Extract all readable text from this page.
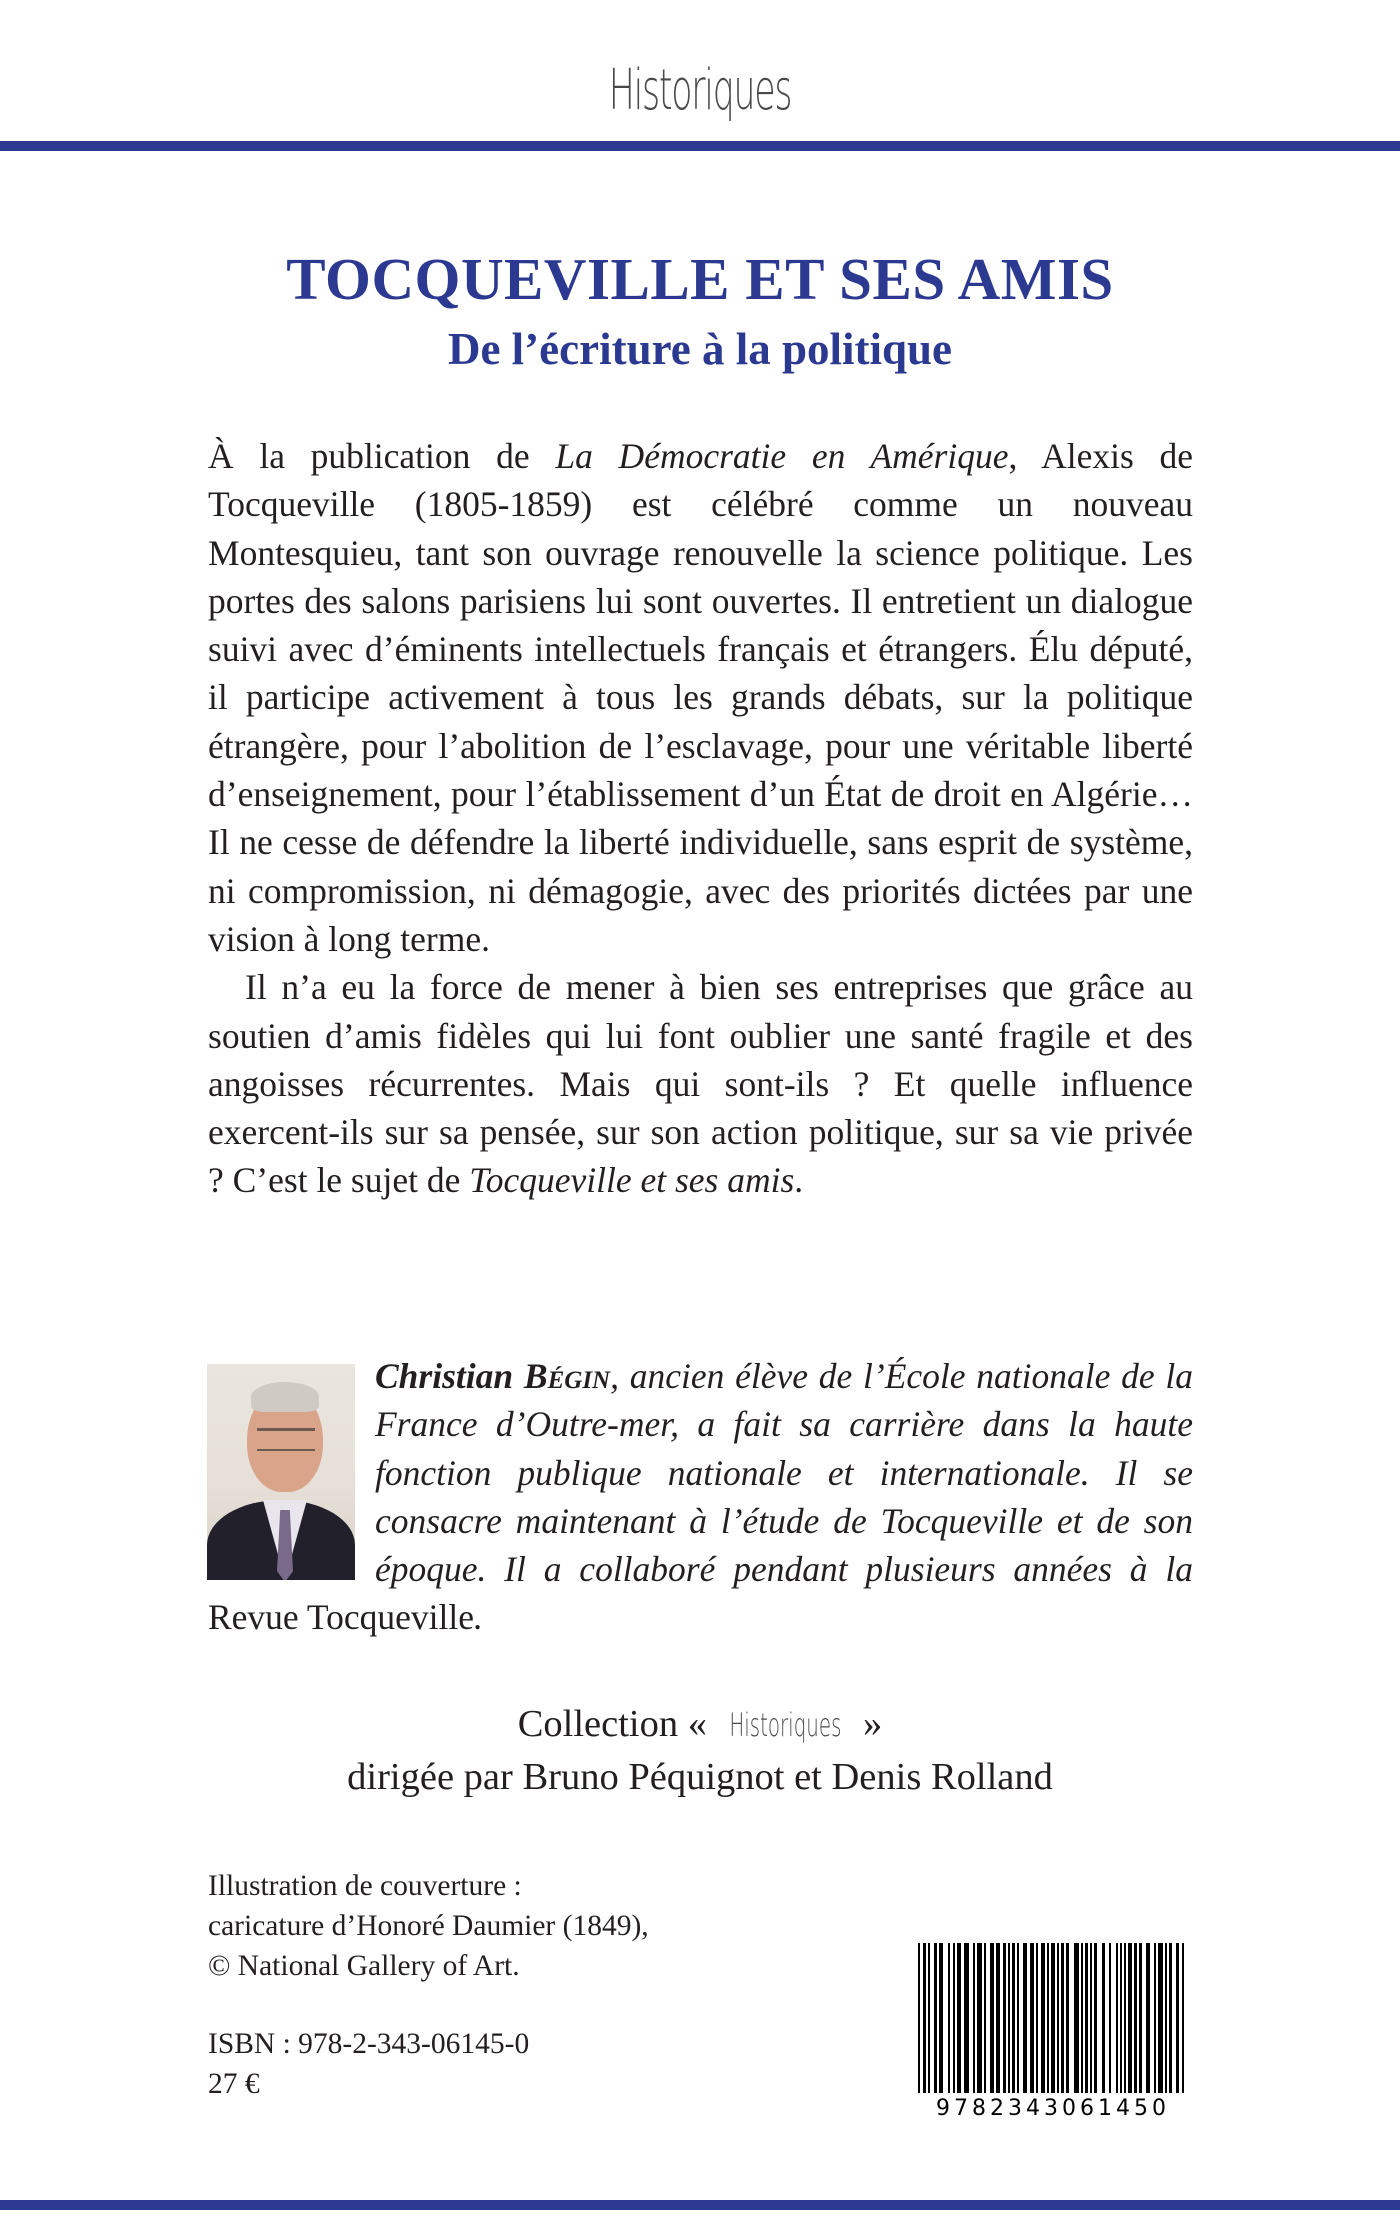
Historiques
TOCQUEVILLE ET SES AMIS
De l’écriture à la politique

À la publication de La Démocratie en Amérique, Alexis de Tocqueville (1805-1859) est célébré comme un nouveau Montesquieu, tant son ouvrage renouvelle la science politique. Les portes des salons parisiens lui sont ouvertes. Il entretient un dialogue suivi avec d’éminents intellectuels français et étrangers. Élu député, il participe activement à tous les grands débats, sur la politique étrangère, pour l’abolition de l’esclavage, pour une véritable liberté d’enseignement, pour l’établissement d’un État de droit en Algérie… Il ne cesse de défendre la liberté individuelle, sans esprit de système, ni compromission, ni démagogie, avec des priorités dictées par une vision à long terme.

Il n’a eu la force de mener à bien ses entreprises que grâce au soutien d’amis fidèles qui lui font oublier une santé fragile et des angoisses récurrentes. Mais qui sont-ils ? Et quelle influence exercent-ils sur sa pensée, sur son action politique, sur sa vie privée ? C’est le sujet de Tocqueville et ses amis.

Christian Bégin, ancien élève de l’École nationale de la France d’Outre-mer, a fait sa carrière dans la haute fonction publique nationale et internationale. Il se consacre maintenant à l’étude de Tocqueville et de son époque. Il a collaboré pendant plusieurs années à la Revue Tocqueville.
Collection « Historiques »
dirigée par Bruno Péquignot et Denis Rolland
Illustration de couverture :
caricature d’Honoré Daumier (1849),
© National Gallery of Art.
ISBN : 978-2-343-06145-0
27 €
9782343061450
